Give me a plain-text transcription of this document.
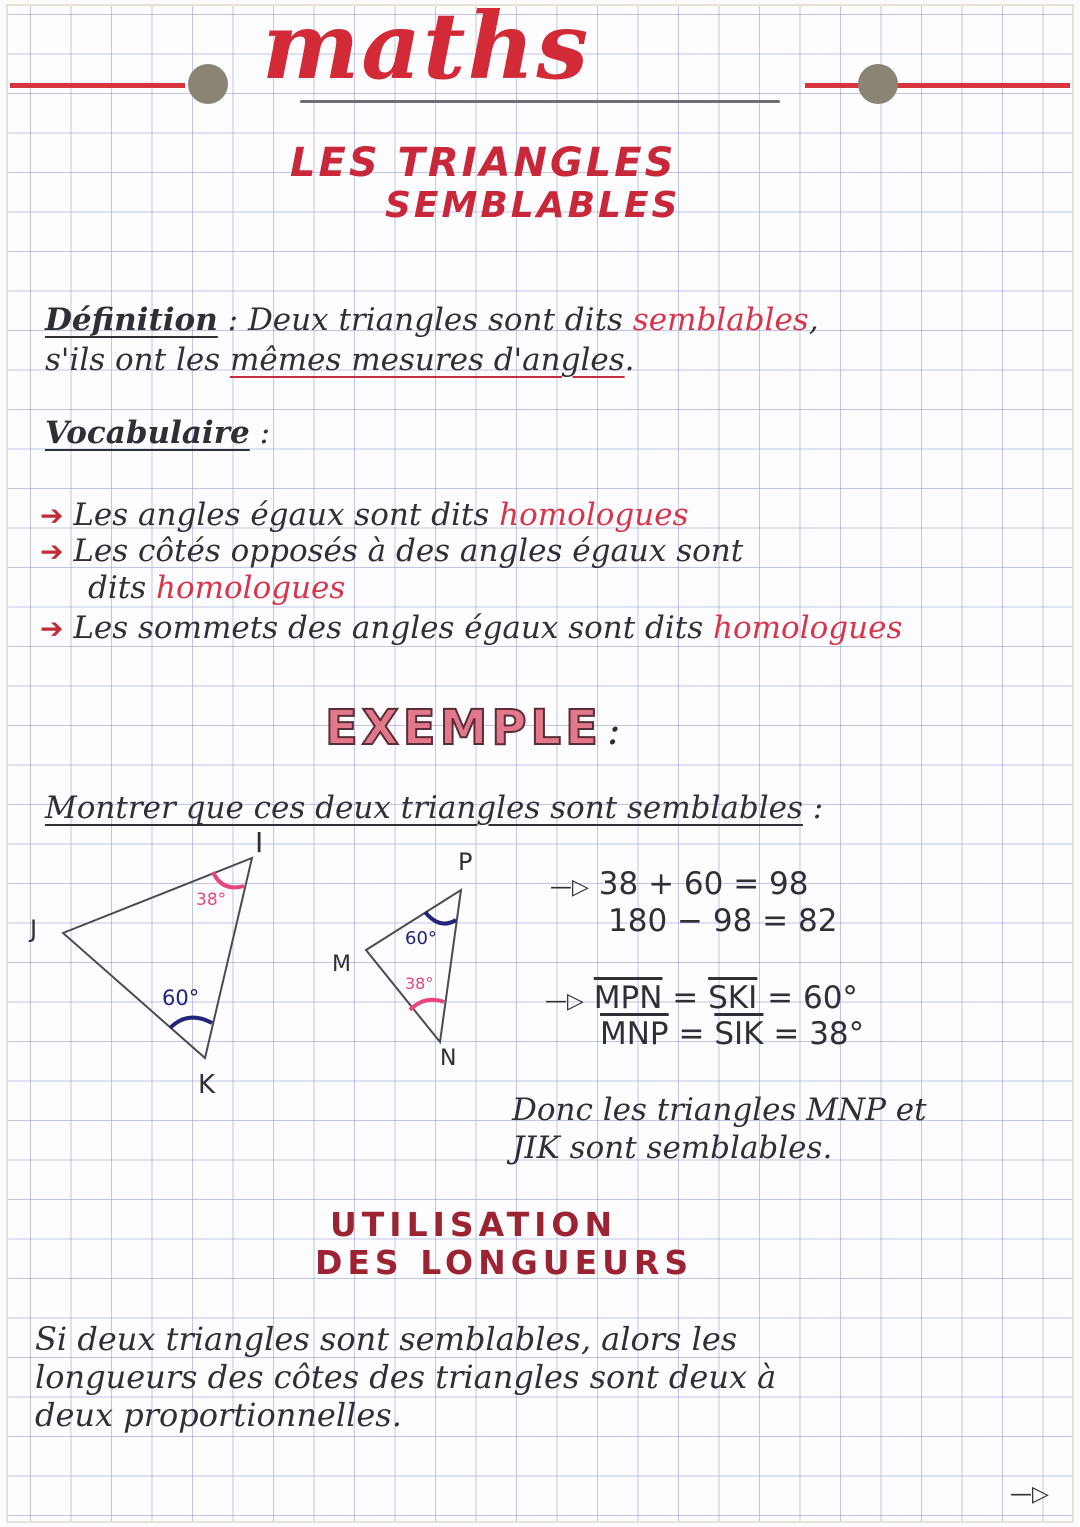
maths
LES TRIANGLES
SEMBLABLES
Définition : Deux triangles sont dits semblables,
s'ils ont les mêmes mesures d'angles.
Vocabulaire :
➔ Les angles égaux sont dits homologues
➔ Les côtés opposés à des angles égaux sont
dits homologues
➔ Les sommets des angles égaux sont dits homologues
EXEMPLE :
Montrer que ces deux triangles sont semblables :
I
J
K
38°
60°
P
M
N
60°
38°
—▷ 38 + 60 = 98
180 − 98 = 82
—▷ $\overline{MPN} = \overline{SKI} = 60^\circ$
$\overline{MNP} = \overline{SIK} = 38^\circ$
Donc les triangles MNP et
JIK sont semblables.
UTILISATION
DES LONGUEURS
Si deux triangles sont semblables, alors les
longueurs des côtes des triangles sont deux à
deux proportionnelles.
—▷
